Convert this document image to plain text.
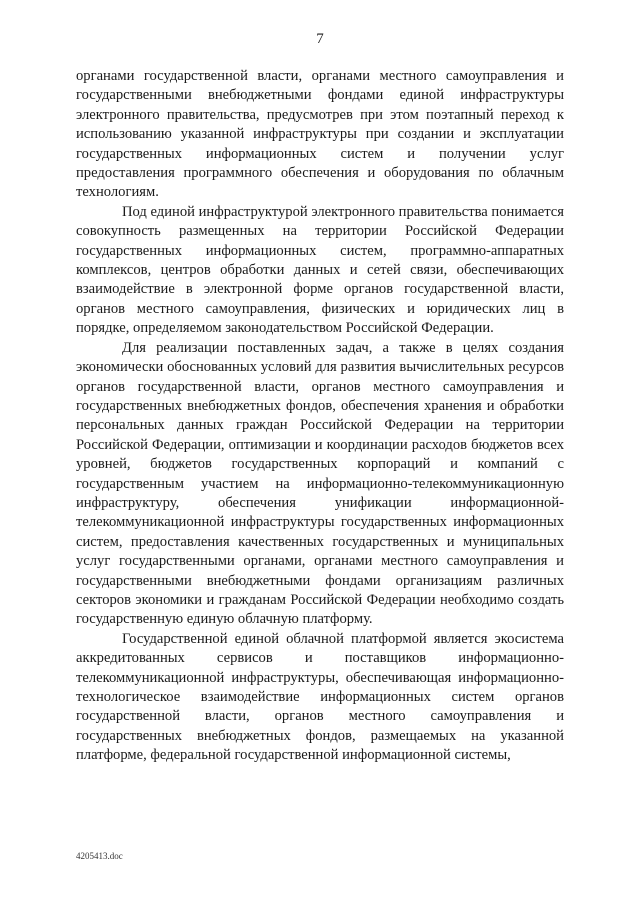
7

органами государственной власти, органами местного самоуправления и государственными внебюджетными фондами единой инфраструктуры электронного правительства, предусмотрев при этом поэтапный переход к использованию указанной инфраструктуры при создании и эксплуатации государственных информационных систем и получении услуг предоставления программного обеспечения и оборудования по облачным технологиям.

Под единой инфраструктурой электронного правительства понимается совокупность размещенных на территории Российской Федерации государственных информационных систем, программно-аппаратных комплексов, центров обработки данных и сетей связи, обеспечивающих взаимодействие в электронной форме органов государственной власти, органов местного самоуправления, физических и юридических лиц в порядке, определяемом законодательством Российской Федерации.

Для реализации поставленных задач, а также в целях создания экономически обоснованных условий для развития вычислительных ресурсов органов государственной власти, органов местного самоуправления и государственных внебюджетных фондов, обеспечения хранения и обработки персональных данных граждан Российской Федерации на территории Российской Федерации, оптимизации и координации расходов бюджетов всех уровней, бюджетов государственных корпораций и компаний с государственным участием на информационно-телекоммуникационную инфраструктуру, обеспечения унификации информационной-телекоммуникационной инфраструктуры государственных информационных систем, предоставления качественных государственных и муниципальных услуг государственными органами, органами местного самоуправления и государственными внебюджетными фондами организациям различных секторов экономики и гражданам Российской Федерации необходимо создать государственную единую облачную платформу.

Государственной единой облачной платформой является экосистема аккредитованных сервисов и поставщиков информационно-телекоммуникационной инфраструктуры, обеспечивающая информационно-технологическое взаимодействие информационных систем органов государственной власти, органов местного самоуправления и государственных внебюджетных фондов, размещаемых на указанной платформе, федеральной государственной информационной системы,

4205413.doc
